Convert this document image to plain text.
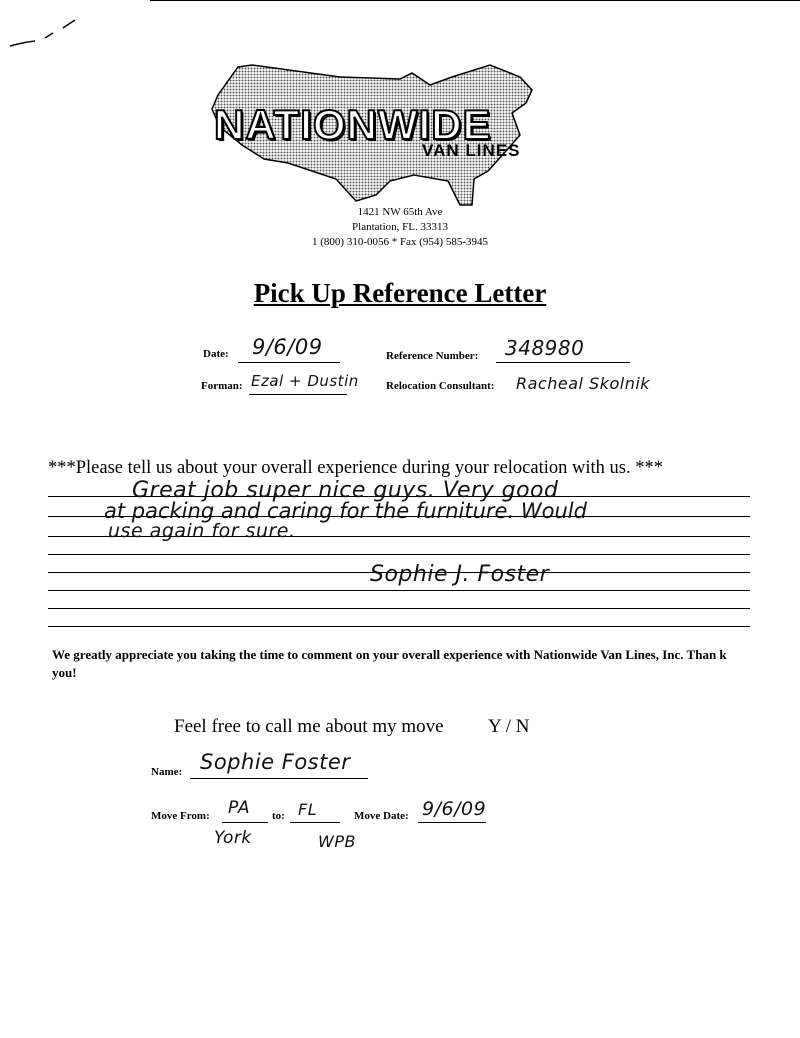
NATIONWIDE
VAN LINES
1421 NW 65th Ave
Plantation, FL. 33313
1 (800) 310-0056 * Fax (954) 585-3945
Pick Up Reference Letter
Date: 9/6/09	Reference Number: 348980
Forman: Ezal + Dustin Relocation Consultant: Racheal Skolnik
***Please tell us about your overall experience during your relocation with us. ***
Great job super nice guys. Very good
at packing and caring for the furniture. Would
use again for sure.
Sophie J. Foster
We greatly appreciate you taking the time to comment on your overall experience with Nationwide Van Lines, Inc. Than k you!
Feel free to call me about my move Y / N
Name: Sophie Foster
Move From: PA
York
to: FL
WPB
Move Date: 9/6/09
